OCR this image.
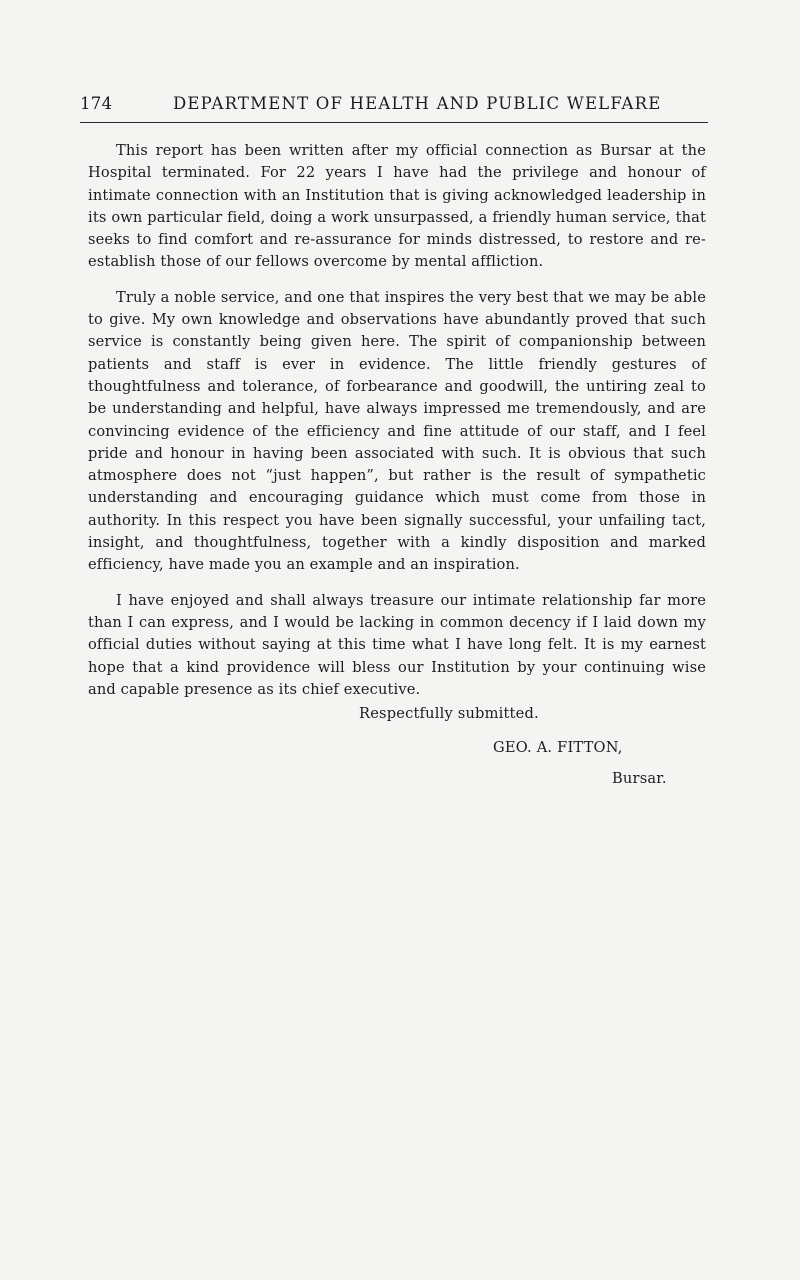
174	DEPARTMENT OF HEALTH AND PUBLIC WELFARE

This report has been written after my official connection as Bursar at the Hospital terminated. For 22 years I have had the privilege and honour of intimate connection with an Institution that is giving acknowledged leadership in its own particular field, doing a work unsurpassed, a friendly human service, that seeks to find comfort and re-assurance for minds distressed, to restore and re-establish those of our fellows overcome by mental affliction.

Truly a noble service, and one that inspires the very best that we may be able to give. My own knowledge and observations have abundantly proved that such service is constantly being given here. The spirit of companionship between patients and staff is ever in evidence. The little friendly gestures of thoughtfulness and tolerance, of forbearance and goodwill, the untiring zeal to be understanding and helpful, have always impressed me tremendously, and are convincing evidence of the efficiency and fine attitude of our staff, and I feel pride and honour in having been associated with such. It is obvious that such atmosphere does not “just happen”, but rather is the result of sympathetic understanding and encouraging guidance which must come from those in authority. In this respect you have been signally successful, your unfailing tact, insight, and thoughtfulness, together with a kindly disposition and marked efficiency, have made you an example and an inspiration.

I have enjoyed and shall always treasure our intimate relationship far more than I can express, and I would be lacking in common decency if I laid down my official duties without saying at this time what I have long felt. It is my earnest hope that a kind providence will bless our Institution by your continuing wise and capable presence as its chief executive.

Respectfully submitted.
GEO. A. FITTON,
Bursar.
